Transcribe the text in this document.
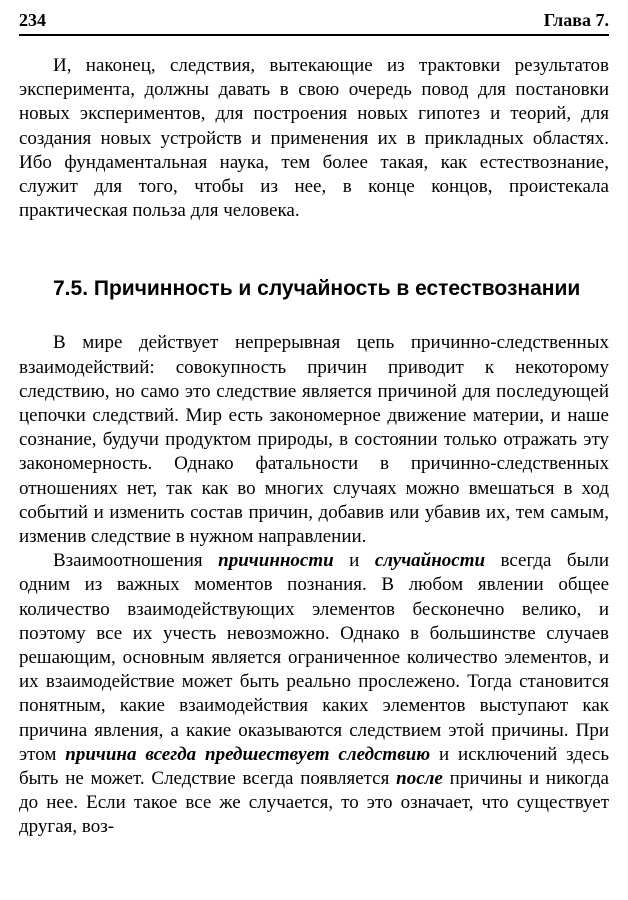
234	Глава 7.

И, наконец, следствия, вытекающие из трактовки результатов эксперимента, должны давать в свою очередь повод для постановки новых экспериментов, для построения новых гипотез и теорий, для создания новых устройств и применения их в прикладных областях. Ибо фундаментальная наука, тем более такая, как естествознание, служит для того, чтобы из нее, в конце концов, проистекала практическая польза для человека.

7.5. Причинность и случайность в естествознании

В мире действует непрерывная цепь причинно-следственных взаимодействий: совокупность причин приводит к некоторому следствию, но само это следствие является причиной для последующей цепочки следствий. Мир есть закономерное движение материи, и наше сознание, будучи продуктом природы, в состоянии только отражать эту закономерность. Однако фатальности в причинно-следственных отношениях нет, так как во многих случаях можно вмешаться в ход событий и изменить состав причин, добавив или убавив их, тем самым, изменив следствие в нужном направлении.

Взаимоотношения причинности и случайности всегда были одним из важных моментов познания. В любом явлении общее количество взаимодействующих элементов бесконечно велико, и поэтому все их учесть невозможно. Однако в большинстве случаев решающим, основным является ограниченное количество элементов, и их взаимодействие может быть реально прослежено. Тогда становится понятным, какие взаимодействия каких элементов выступают как причина явления, а какие оказываются следствием этой причины. При этом причина всегда предшествует следствию и исключений здесь быть не может. Следствие всегда появляется после причины и никогда до нее. Если такое все же случается, то это означает, что существует другая, воз-
